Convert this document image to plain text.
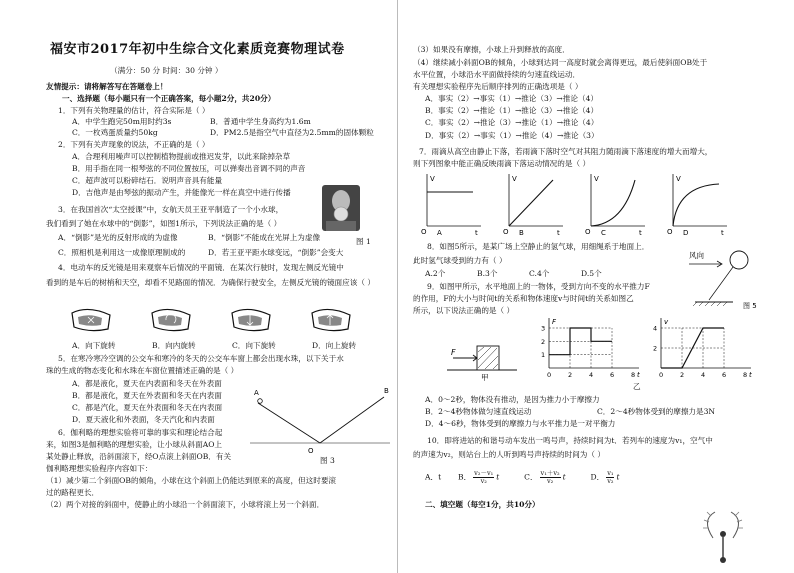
福安市2017年初中生综合文化素质竞赛物理试卷
（满分：50 分 时间：30 分钟 ）
友情提示：请将解答写在答题卷上！
一、选择题（每小题只有一个正确答案，每小题2分，共20分）
1．下列有关物理量的估计，符合实际是（ ）
A．中学生跑完50m用时约3s	B．普通中学生身高约为1.6m
C．一枚鸡蛋质量约50kg	D．PM2.5是指空气中直径为2.5mm的固体颗粒
2．下列有关声现象的说法，不正确的是（ ）
A．合理利用噪声可以控制植物提前或推迟发芽，以此来除掉杂草
B．用手指在同一根琴弦的不同位置按压，可以弹奏出音调不同的声音
C．超声波可以粉碎结石．说明声音具有能量
D．吉他声是由琴弦的振动产生，并能像光一样在真空中进行传播
3．在我国首次“太空授课”中，女航天员王亚平制造了一个小水球，
我们看到了她在水球中的“倒影”，如图1所示，下列说法正确的是（ ）
A．“倒影”是光的反射形成的为虚像	B．“倒影”不能成在光屏上为虚像
C．照相机是利用这一成像原理制成的	D．若王亚平距水球变远，“倒影”会变大
图 1
4．电动车的反光镜是用来观察车后情况的平面镜．在某次行驶时，发现左侧反光镜中
看到的是车后的树梢和天空，却看不见路面的情况．为确保行驶安全，左侧反光镜的镜面应该（ ）
A．向下旋转	B．向内旋转	C．向下旋转	D．向上旋转
5．在寒冷寒冷空调的公交车和寒冷的冬天的公交车车窗上都会出现水珠，以下关于水
珠的生成的物态变化和水珠在车窗位置描述正确的是（ ）
A．都是液化，夏天在内表面和冬天在外表面
B．都是液化，夏天在外表面和冬天在内表面
C．都是汽化，夏天在外表面和冬天在内表面
D．夏天液化和外表面，冬天汽化和内表面
A	B
O
图 3
6．伽利略的理想实验将可靠的事实和理论结合起
来，如图3是伽利略的理想实验，让小球从斜面AO上
某处静止释放，沿斜面滚下，经O点滚上斜面OB．有关
伽利略理想实验程序内容如下：
（1）减少第二个斜面OB的倾角，小球在这个斜面上仍能达到原来的高度，但这时要滚
过的路程更长．
（2）两个对接的斜面中，使静止的小球沿一个斜面滚下，小球将滚上另一个斜面．
（3）如果没有摩擦，小球上升到释放的高度．
（4）继续减小斜面OB的倾角，小球到达同一高度时就会离得更远，最后使斜面OB处于
水平位置，小球沿水平面做持续的匀速直线运动．
有关理想实验程序先后顺序排列的正确选项是（ ）
A．事实（2）→事实（1）→推论（3）→推论（4）
B．事实（2）→推论（1）→推论（3）→推论（4）
C．事实（2）→推论（3）→推论（1）→推论（4）
D．事实（2）→事实（1）→推论（4）→推论（3）
7．雨滴从高空由静止下落，若雨滴下落时空气对其阻力随雨滴下落速度的增大而增大，
则下列图象中能正确反映雨滴下落运动情况的是（ ）
V
O A	t
V
O B	t
V
O C	t
V
O D	t
8．如图5所示，是某广场上空静止的氢气球，用细绳系于地面上．
此时氢气球受到的力有（ ）
A.2个	B.3个	C.4个	D.5个
风向
图 5
9．如图甲所示，水平地面上的一物体，受到方向不变的水平推力F
的作用，F的大小与时间t的关系和物体速度v与时间t的关系如图乙
所示，以下说法正确的是（ ）
F
甲
F
t
0	2	4	6	8
1
2
3
v
t
0	2	4	6	8
2
4
乙
A．0～2秒，物体没有推动，是因为推力小于摩擦力
B．2～4秒物体做匀速直线运动	C．2～4秒物体受到的摩擦力是3N
D．4～6秒，物体受到的摩擦力与水平推力是一对平衡力
10．即将进站的和谐号动车发出一鸣号声，持续时间为t．若列车的速度为v₁，空气中
的声速为v₂，则站台上的人听到鸣号声持续的时间为（ ）
A．t B． $\frac{\text{v₂－v₁}}{\text{v₂}}$ t	C． $\frac{\text{v₁＋v₂}}{\text{v₂}}$ t	D． $\frac{\text{v₁}}{\text{v₂}}$ t
二、填空题（每空1分，共10分）
